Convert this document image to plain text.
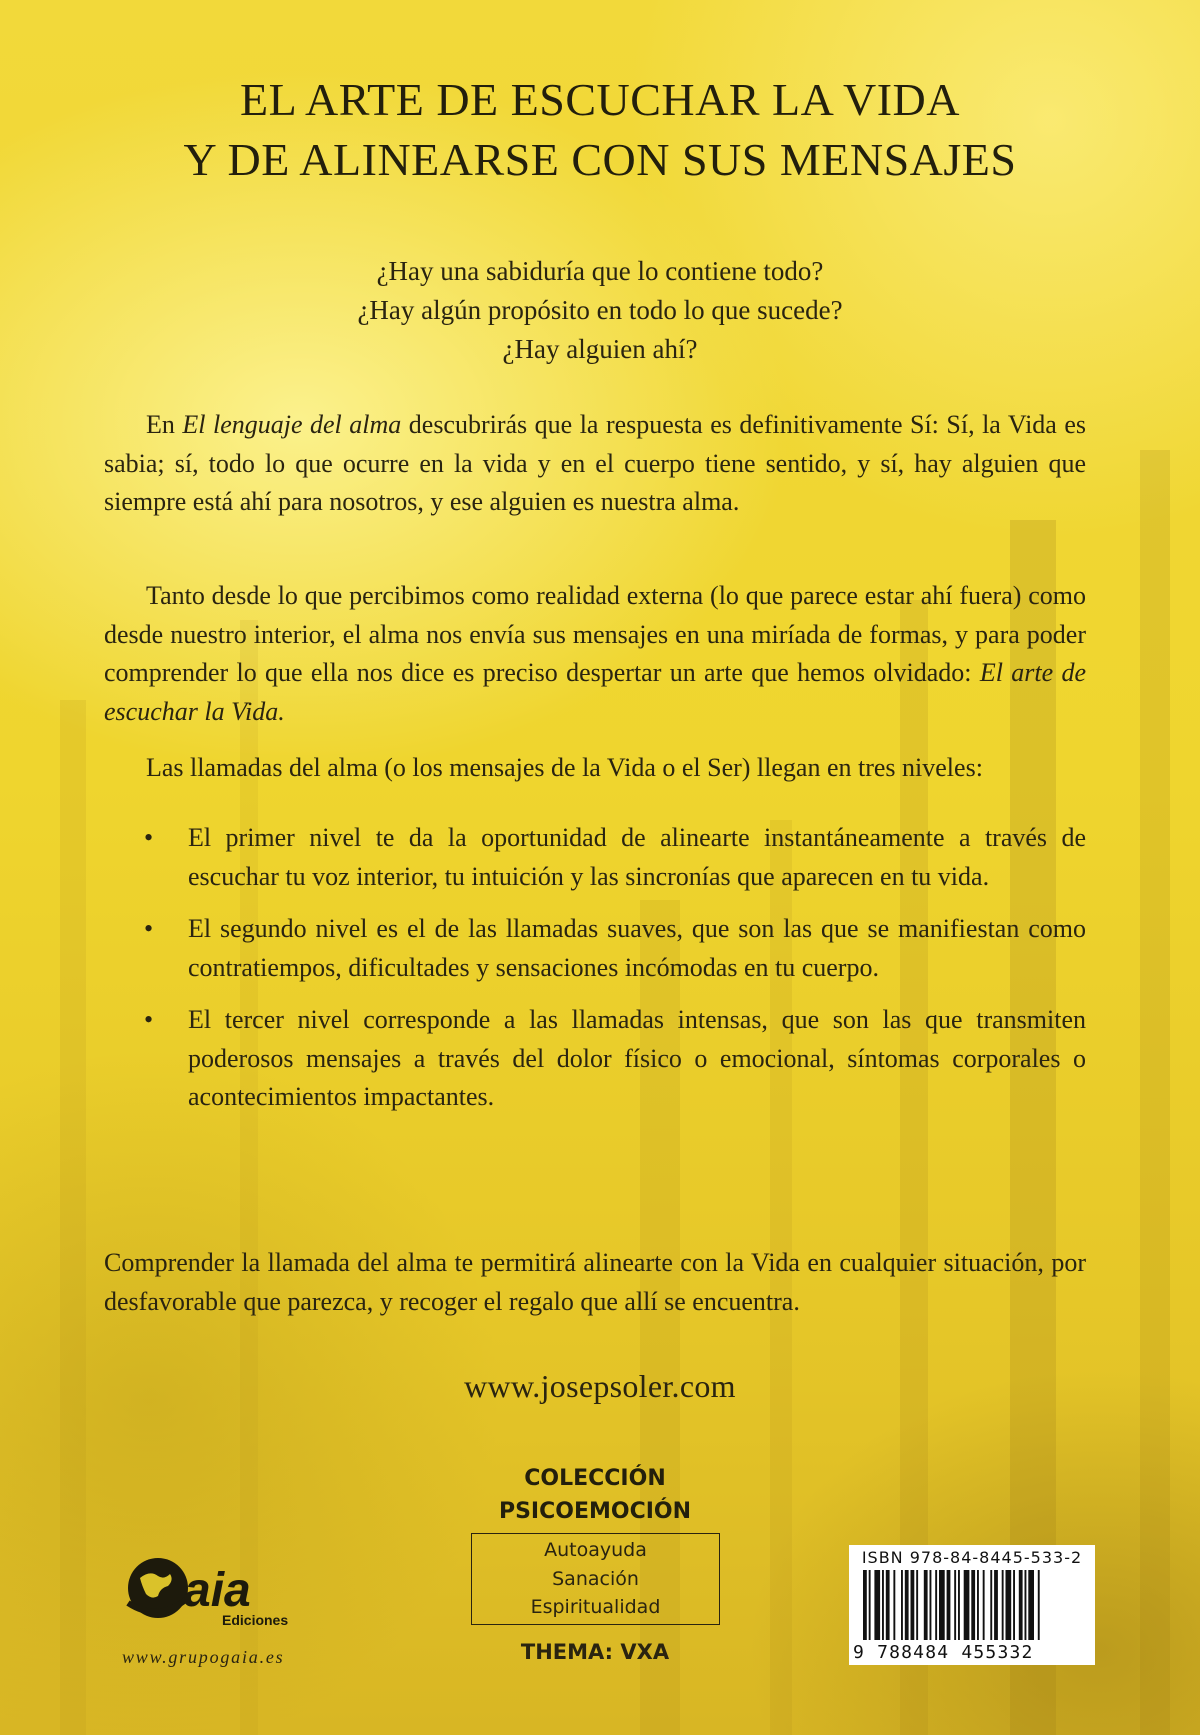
EL ARTE DE ESCUCHAR LA VIDA
Y DE ALINEARSE CON SUS MENSAJES
¿Hay una sabiduría que lo contiene todo?
¿Hay algún propósito en todo lo que sucede?
¿Hay alguien ahí?
En El lenguaje del alma descubrirás que la respuesta es definitivamente Sí: Sí, la Vida es sabia; sí, todo lo que ocurre en la vida y en el cuerpo tiene sentido, y sí, hay alguien que siempre está ahí para nosotros, y ese alguien es nuestra alma.
Tanto desde lo que percibimos como realidad externa (lo que parece estar ahí fuera) como desde nuestro interior, el alma nos envía sus mensajes en una miríada de formas, y para poder comprender lo que ella nos dice es preciso despertar un arte que hemos olvidado: El arte de escuchar la Vida.
Las llamadas del alma (o los mensajes de la Vida o el Ser) llegan en tres niveles:
• El primer nivel te da la oportunidad de alinearte instantáneamente a través de escuchar tu voz interior, tu intuición y las sincronías que aparecen en tu vida.
• El segundo nivel es el de las llamadas suaves, que son las que se manifiestan como contratiempos, dificultades y sensaciones incómodas en tu cuerpo.
• El tercer nivel corresponde a las llamadas intensas, que son las que transmiten poderosos mensajes a través del dolor físico o emocional, síntomas corporales o acontecimientos impactantes.
Comprender la llamada del alma te permitirá alinearte con la Vida en cualquier situación, por desfavorable que parezca, y recoger el regalo que allí se encuentra.
www.josepsoler.com
COLECCIÓN
PSICOEMOCIÓN
Autoayuda
Sanación
Espiritualidad
THEMA: VXA
aia
Ediciones
www.grupogaia.es
ISBN 978-84-8445-533-2
9 788484 455332
